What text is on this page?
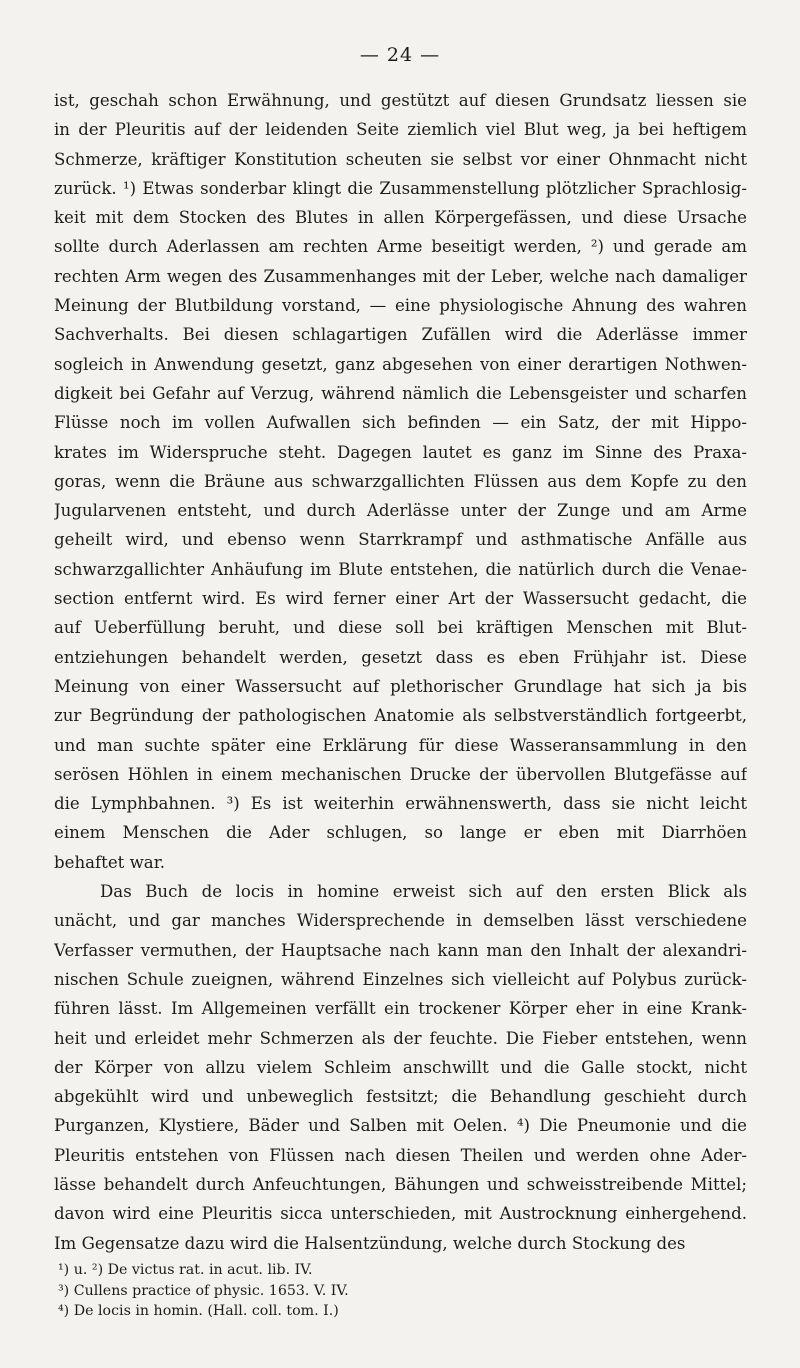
— 24 —
ist, geschah schon Erwähnung, und gestützt auf diesen Grundsatz liessen sie
in der Pleuritis auf der leidenden Seite ziemlich viel Blut weg, ja bei heftigem
Schmerze, kräftiger Konstitution scheuten sie selbst vor einer Ohnmacht nicht
zurück. ¹) Etwas sonderbar klingt die Zusammenstellung plötzlicher Sprachlosig-
keit mit dem Stocken des Blutes in allen Körpergefässen, und diese Ursache
sollte durch Aderlassen am rechten Arme beseitigt werden, ²) und gerade am
rechten Arm wegen des Zusammenhanges mit der Leber, welche nach damaliger
Meinung der Blutbildung vorstand, — eine physiologische Ahnung des wahren
Sachverhalts. Bei diesen schlagartigen Zufällen wird die Aderlässe immer
sogleich in Anwendung gesetzt, ganz abgesehen von einer derartigen Nothwen-
digkeit bei Gefahr auf Verzug, während nämlich die Lebensgeister und scharfen
Flüsse noch im vollen Aufwallen sich befinden — ein Satz, der mit Hippo-
krates im Widerspruche steht. Dagegen lautet es ganz im Sinne des Praxa-
goras, wenn die Bräune aus schwarzgallichten Flüssen aus dem Kopfe zu den
Jugularvenen entsteht, und durch Aderlässe unter der Zunge und am Arme
geheilt wird, und ebenso wenn Starrkrampf und asthmatische Anfälle aus
schwarzgallichter Anhäufung im Blute entstehen, die natürlich durch die Venae-
section entfernt wird. Es wird ferner einer Art der Wassersucht gedacht, die
auf Ueberfüllung beruht, und diese soll bei kräftigen Menschen mit Blut-
entziehungen behandelt werden, gesetzt dass es eben Frühjahr ist. Diese
Meinung von einer Wassersucht auf plethorischer Grundlage hat sich ja bis
zur Begründung der pathologischen Anatomie als selbstverständlich fortgeerbt,
und man suchte später eine Erklärung für diese Wasseransammlung in den
serösen Höhlen in einem mechanischen Drucke der übervollen Blutgefässe auf
die Lymphbahnen. ³) Es ist weiterhin erwähnenswerth, dass sie nicht leicht
einem Menschen die Ader schlugen, so lange er eben mit Diarrhöen
behaftet war.
Das Buch de locis in homine erweist sich auf den ersten Blick als
unächt, und gar manches Widersprechende in demselben lässt verschiedene
Verfasser vermuthen, der Hauptsache nach kann man den Inhalt der alexandri-
nischen Schule zueignen, während Einzelnes sich vielleicht auf Polybus zurück-
führen lässt. Im Allgemeinen verfällt ein trockener Körper eher in eine Krank-
heit und erleidet mehr Schmerzen als der feuchte. Die Fieber entstehen, wenn
der Körper von allzu vielem Schleim anschwillt und die Galle stockt, nicht
abgekühlt wird und unbeweglich festsitzt; die Behandlung geschieht durch
Purganzen, Klystiere, Bäder und Salben mit Oelen. ⁴) Die Pneumonie und die
Pleuritis entstehen von Flüssen nach diesen Theilen und werden ohne Ader-
lässe behandelt durch Anfeuchtungen, Bähungen und schweisstreibende Mittel;
davon wird eine Pleuritis sicca unterschieden, mit Austrocknung einhergehend.
Im Gegensatze dazu wird die Halsentzündung, welche durch Stockung des
¹) u. ²) De victus rat. in acut. lib. IV.
³) Cullens practice of physic. 1653. V. IV.
⁴) De locis in homin. (Hall. coll. tom. I.)
